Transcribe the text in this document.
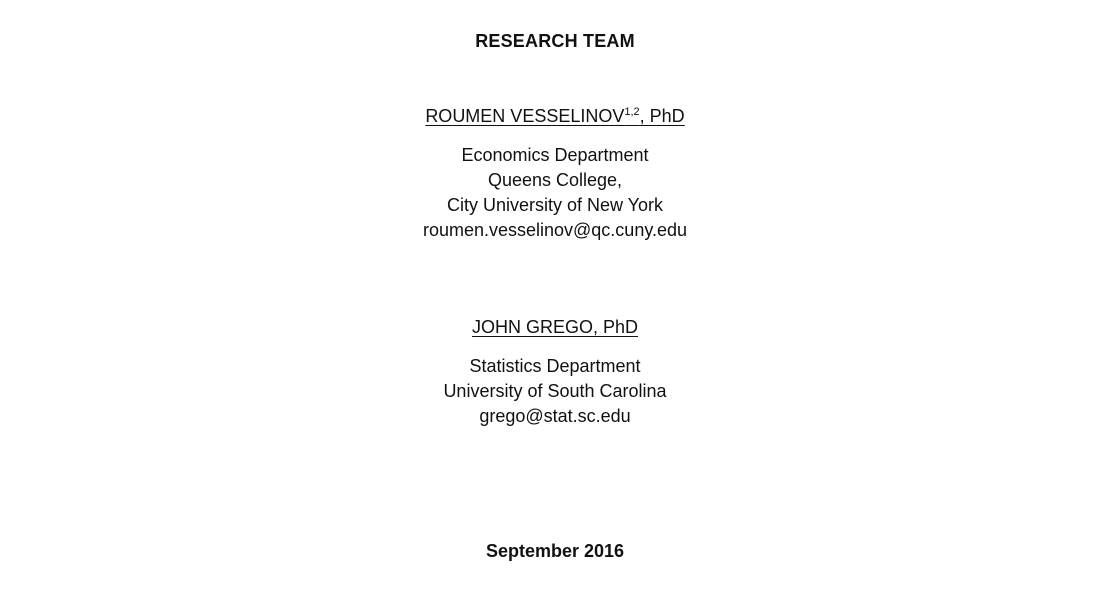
RESEARCH TEAM
ROUMEN VESSELINOV$^{1,2}$, PhD
Economics Department
Queens College,
City University of New York
roumen.vesselinov@qc.cuny.edu
JOHN GREGO, PhD
Statistics Department
University of South Carolina
grego@stat.sc.edu
September 2016
